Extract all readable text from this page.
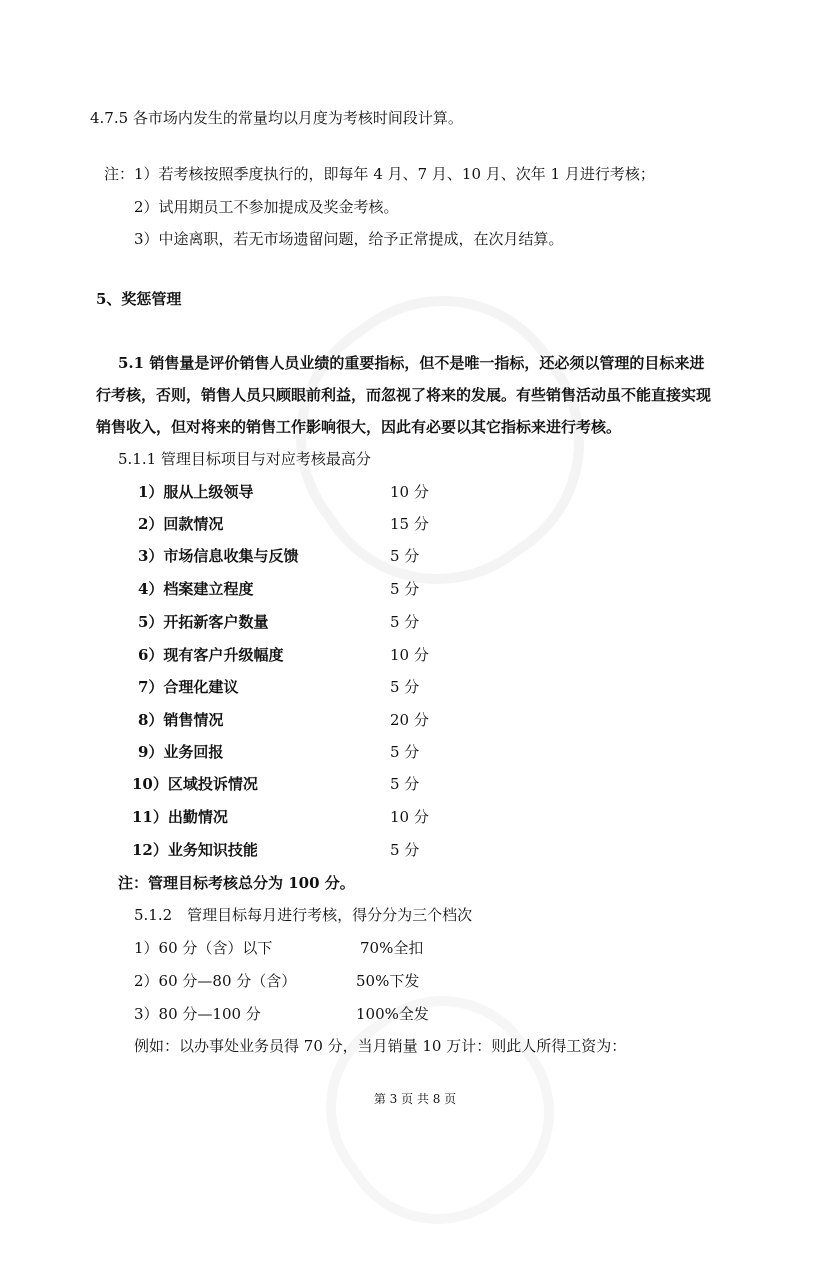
4.7.5 各市场内发生的常量均以月度为考核时间段计算。
注：1）若考核按照季度执行的，即每年 4 月、7 月、10 月、次年 1 月进行考核；
2）试用期员工不参加提成及奖金考核。
3）中途离职，若无市场遗留问题，给予正常提成，在次月结算。
5、奖惩管理
5.1 销售量是评价销售人员业绩的重要指标，但不是唯一指标，还必须以管理的目标来进
行考核，否则，销售人员只顾眼前利益，而忽视了将来的发展。有些销售活动虽不能直接实现
销售收入，但对将来的销售工作影响很大，因此有必要以其它指标来进行考核。
5.1.1 管理目标项目与对应考核最高分
1）服从上级领导	10 分
2）回款情况	15 分
3）市场信息收集与反馈	5 分
4）档案建立程度	5 分
5）开拓新客户数量	5 分
6）现有客户升级幅度	10 分
7）合理化建议	5 分
8）销售情况	20 分
9）业务回报	5 分
10）区域投诉情况	5 分
11）出勤情况	10 分
12）业务知识技能	5 分
注：管理目标考核总分为 100 分。
5.1.2　管理目标每月进行考核，得分分为三个档次
1）60 分（含）以下	70%全扣
2）60 分—80 分（含）	50%下发
3）80 分—100 分	100%全发
例如：以办事处业务员得 70 分，当月销量 10 万计：则此人所得工资为：
第 3 页 共 8 页
